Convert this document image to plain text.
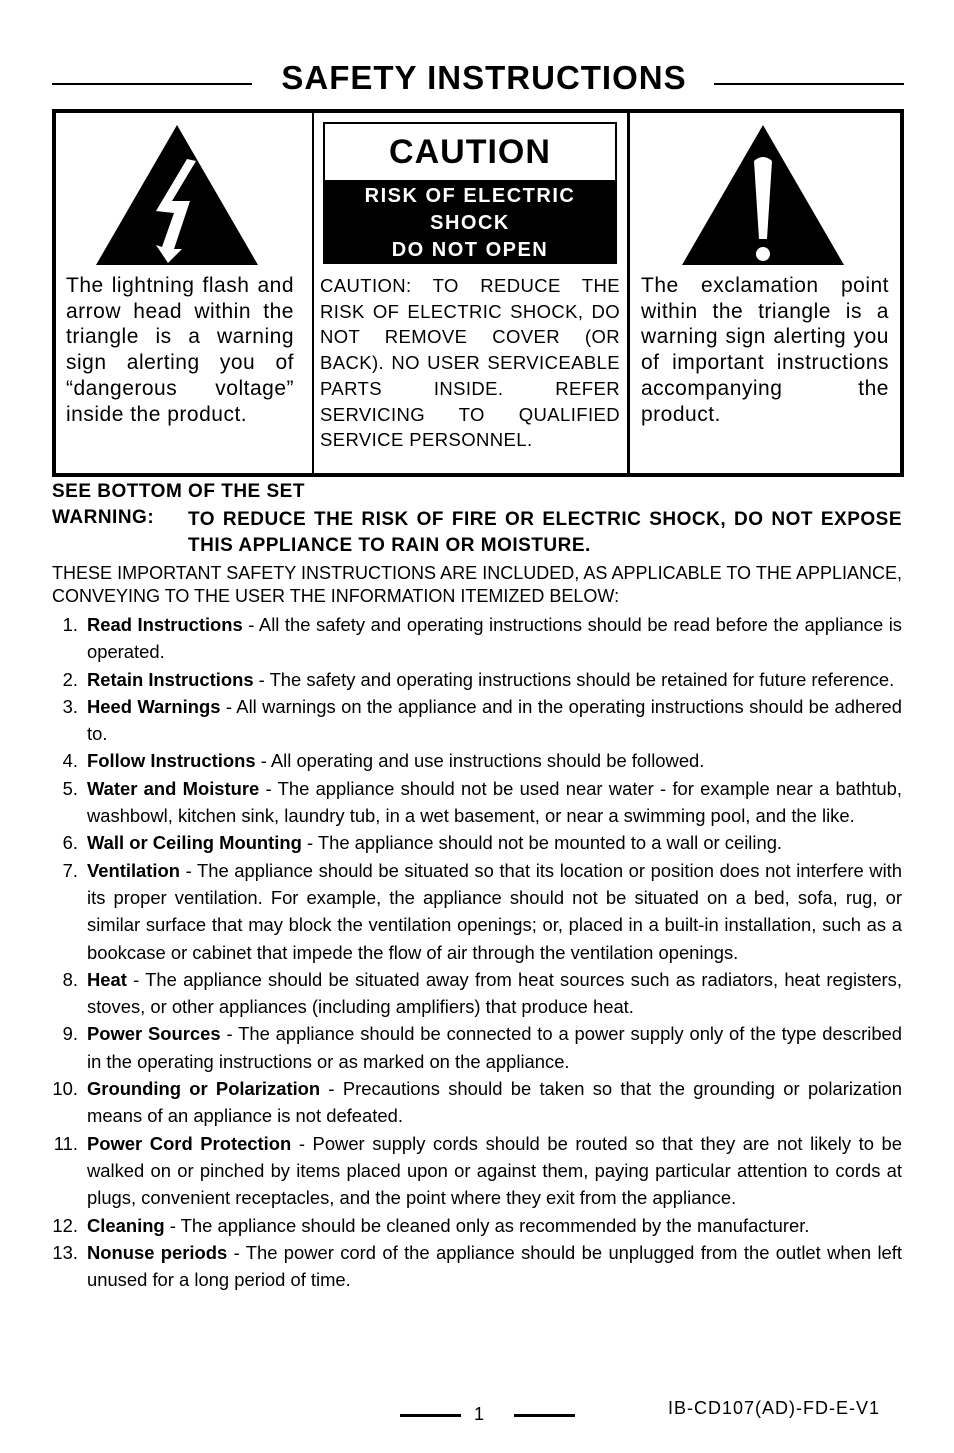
SAFETY INSTRUCTIONS
The lightning flash and arrow head within the triangle is a warning sign alerting you of “dangerous voltage” inside the product.
CAUTION
RISK OF ELECTRIC
SHOCK
DO NOT OPEN
CAUTION: TO REDUCE THE RISK OF ELECTRIC SHOCK, DO NOT REMOVE COVER (OR BACK). NO USER SERVICEABLE PARTS INSIDE. REFER SERVICING TO QUALIFIED SERVICE PERSONNEL.
The exclamation point within the triangle is a warning sign alerting you of important instructions accompanying the product.
SEE BOTTOM OF THE SET
WARNING: TO REDUCE THE RISK OF FIRE OR ELECTRIC SHOCK, DO NOT EXPOSE THIS APPLIANCE TO RAIN OR MOISTURE.
THESE IMPORTANT SAFETY INSTRUCTIONS ARE INCLUDED, AS APPLICABLE TO THE APPLIANCE, CONVEYING TO THE USER THE INFORMATION ITEMIZED BELOW:
1. Read Instructions - All the safety and operating instructions should be read before the appliance is operated.
2. Retain Instructions - The safety and operating instructions should be retained for future reference.
3. Heed Warnings - All warnings on the appliance and in the operating instructions should be adhered to.
4. Follow Instructions - All operating and use instructions should be followed.
5. Water and Moisture - The appliance should not be used near water - for example near a bathtub, washbowl, kitchen sink, laundry tub, in a wet basement, or near a swimming pool, and the like.
6. Wall or Ceiling Mounting - The appliance should not be mounted to a wall or ceiling.
7. Ventilation - The appliance should be situated so that its location or position does not interfere with its proper ventilation. For example, the appliance should not be situated on a bed, sofa, rug, or similar surface that may block the ventilation openings; or, placed in a built-in installation, such as a bookcase or cabinet that impede the flow of air through the ventilation openings.
8. Heat - The appliance should be situated away from heat sources such as radiators, heat registers, stoves, or other appliances (including amplifiers) that produce heat.
9. Power Sources - The appliance should be connected to a power supply only of the type described in the operating instructions or as marked on the appliance.
10. Grounding or Polarization - Precautions should be taken so that the grounding or polarization means of an appliance is not defeated.
11. Power Cord Protection - Power supply cords should be routed so that they are not likely to be walked on or pinched by items placed upon or against them, paying particular attention to cords at plugs, convenient receptacles, and the point where they exit from the appliance.
12. Cleaning - The appliance should be cleaned only as recommended by the manufacturer.
13. Nonuse periods - The power cord of the appliance should be unplugged from the outlet when left unused for a long period of time.
1	IB-CD107(AD)-FD-E-V1
